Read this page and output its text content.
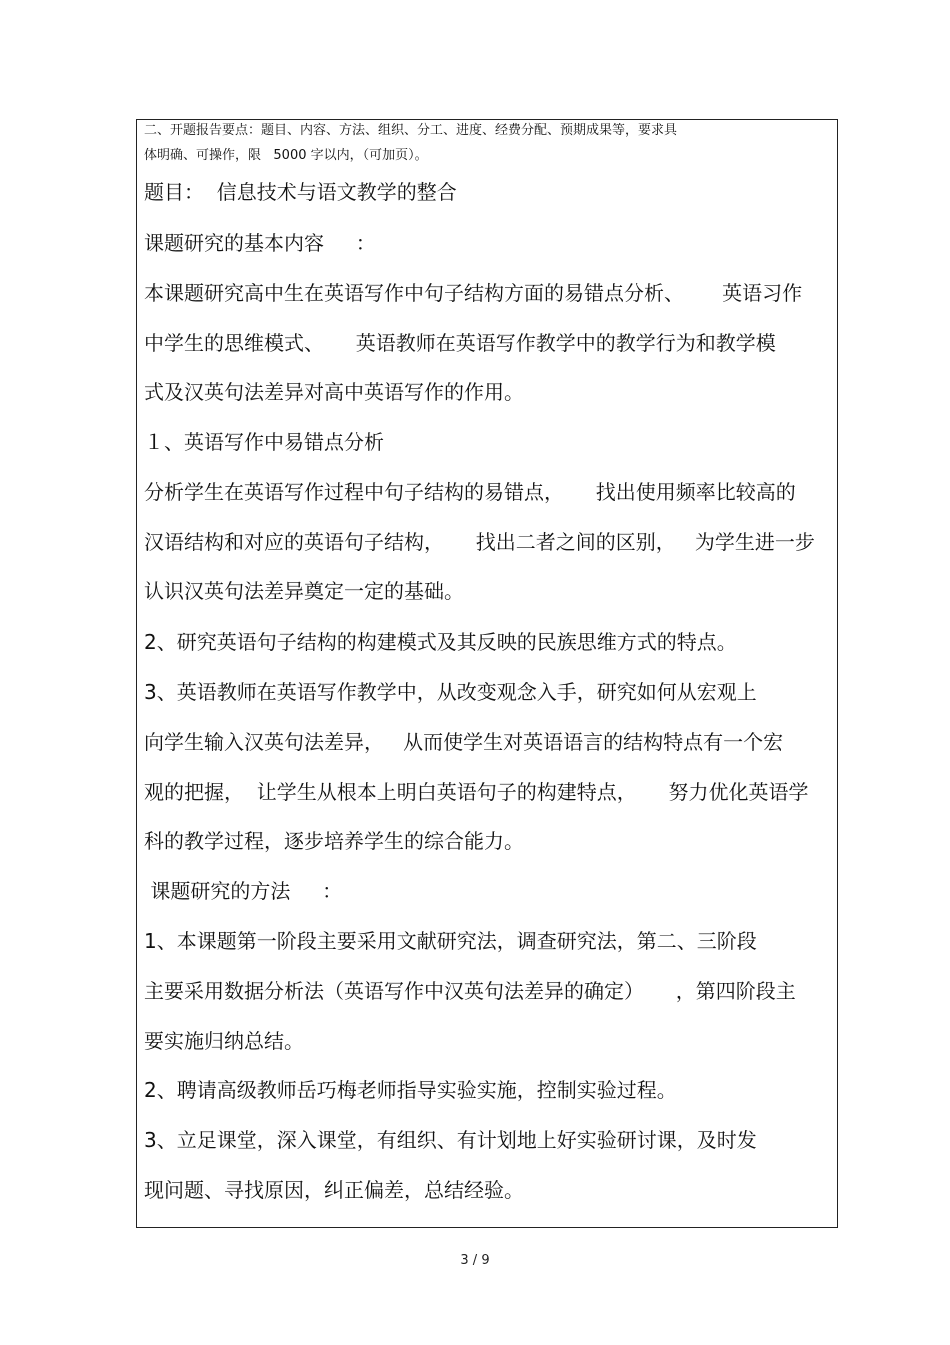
二、开题报告要点：题目、内容、方法、组织、分工、进度、经费分配、预期成果等，要求具
体明确、可操作，限   5000 字以内，（可加页）。
题目：  信息技术与语文教学的整合
课题研究的基本内容     ：
本课题研究高中生在英语写作中句子结构方面的易错点分析、      英语习作
中学生的思维模式、     英语教师在英语写作教学中的教学行为和教学模
式及汉英句法差异对高中英语写作的作用。
１、英语写作中易错点分析
分析学生在英语写作过程中句子结构的易错点，     找出使用频率比较高的
汉语结构和对应的英语句子结构，     找出二者之间的区别，   为学生进一步
认识汉英句法差异奠定一定的基础。
2、研究英语句子结构的构建模式及其反映的民族思维方式的特点。
3、英语教师在英语写作教学中，从改变观念入手，研究如何从宏观上
向学生输入汉英句法差异，   从而使学生对英语语言的结构特点有一个宏
观的把握，  让学生从根本上明白英语句子的构建特点，     努力优化英语学
科的教学过程，逐步培养学生的综合能力。
课题研究的方法     ：
1、本课题第一阶段主要采用文献研究法，调查研究法，第二、三阶段
主要采用数据分析法（英语写作中汉英句法差异的确定）     ，第四阶段主
要实施归纳总结。
2、聘请高级教师岳巧梅老师指导实验实施，控制实验过程。
3、立足课堂，深入课堂，有组织、有计划地上好实验研讨课，及时发
现问题、寻找原因，纠正偏差，总结经验。
3 / 9
